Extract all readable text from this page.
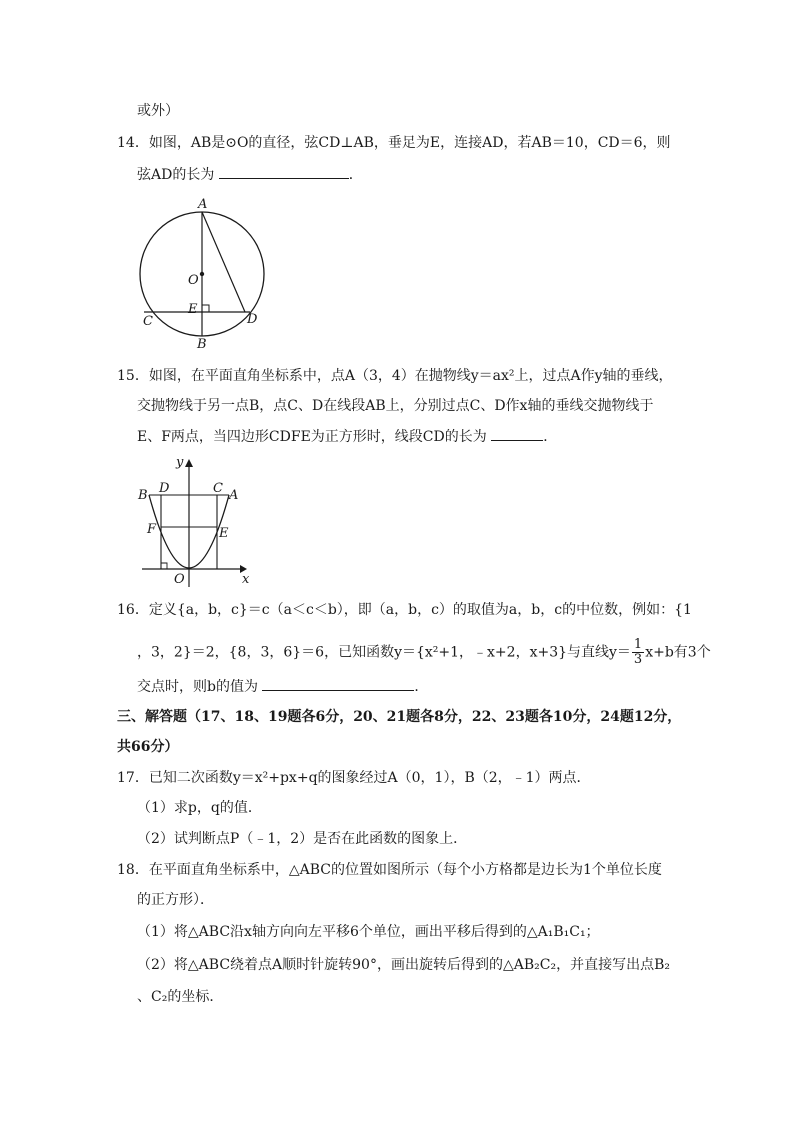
或外）
14．如图，AB是⊙O的直径，弦CD⊥AB，垂足为E，连接AD，若AB＝10，CD＝6，则
弦AD的长为	．
A
O
E
C	D
B
15．如图，在平面直角坐标系中，点A（3，4）在抛物线y＝ax²上，过点A作y轴的垂线，
交抛物线于另一点B，点C、D在线段AB上，分别过点C、D作x轴的垂线交抛物线于
E、F两点，当四边形CDFE为正方形时，线段CD的长为	．
y
x
B D	C A
F	E
O
16．定义{a，b，c}＝c（a＜c＜b），即（a，b，c）的取值为a，b，c的中位数，例如：{1
，3，2}＝2，{8，3，6}＝6，已知函数y＝{x²+1，﹣x+2，x+3}与直线$y= \frac{1}{3} x+b$有3个
交点时，则b的值为	．
三、解答题（17、18、19题各6分，20、21题各8分，22、23题各10分，24题12分，
共66分）
17．已知二次函数y＝x²+px+q的图象经过A（0，1），B（2，﹣1）两点．
（1）求p，q的值．
（2）试判断点P（﹣1，2）是否在此函数的图象上．
18．在平面直角坐标系中，△ABC的位置如图所示（每个小方格都是边长为1个单位长度
的正方形）．
（1）将△ABC沿x轴方向向左平移6个单位，画出平移后得到的△A₁B₁C₁；
（2）将△ABC绕着点A顺时针旋转90°，画出旋转后得到的△AB₂C₂，并直接写出点B₂
、C₂的坐标．
